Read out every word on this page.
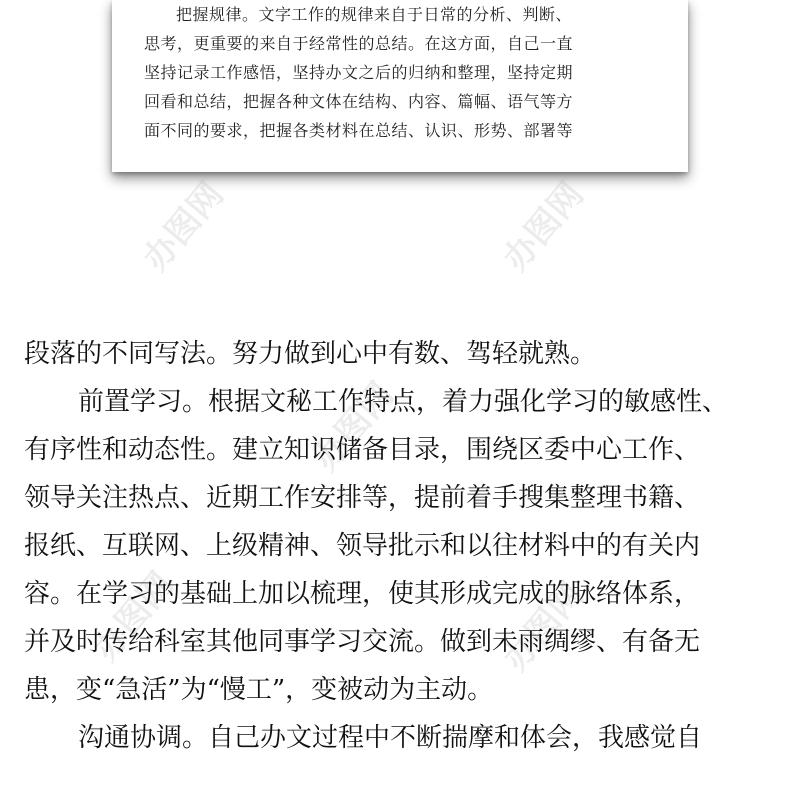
把握规律。文字工作的规律来自于日常的分析、判断、
思考，更重要的来自于经常性的总结。在这方面，自己一直
坚持记录工作感悟，坚持办文之后的归纳和整理，坚持定期
回看和总结，把握各种文体在结构、内容、篇幅、语气等方
面不同的要求，把握各类材料在总结、认识、形势、部署等
办图网	办图网
办图网
办图网	办图网
段落的不同写法。努力做到心中有数、驾轻就熟。
前置学习。根据文秘工作特点，着力强化学习的敏感性、
有序性和动态性。建立知识储备目录，围绕区委中心工作、
领导关注热点、近期工作安排等，提前着手搜集整理书籍、
报纸、互联网、上级精神、领导批示和以往材料中的有关内
容。在学习的基础上加以梳理，使其形成完成的脉络体系，
并及时传给科室其他同事学习交流。做到未雨绸缪、有备无
患，变“急活”为“慢工”，变被动为主动。
沟通协调。自己办文过程中不断揣摩和体会，我感觉自
